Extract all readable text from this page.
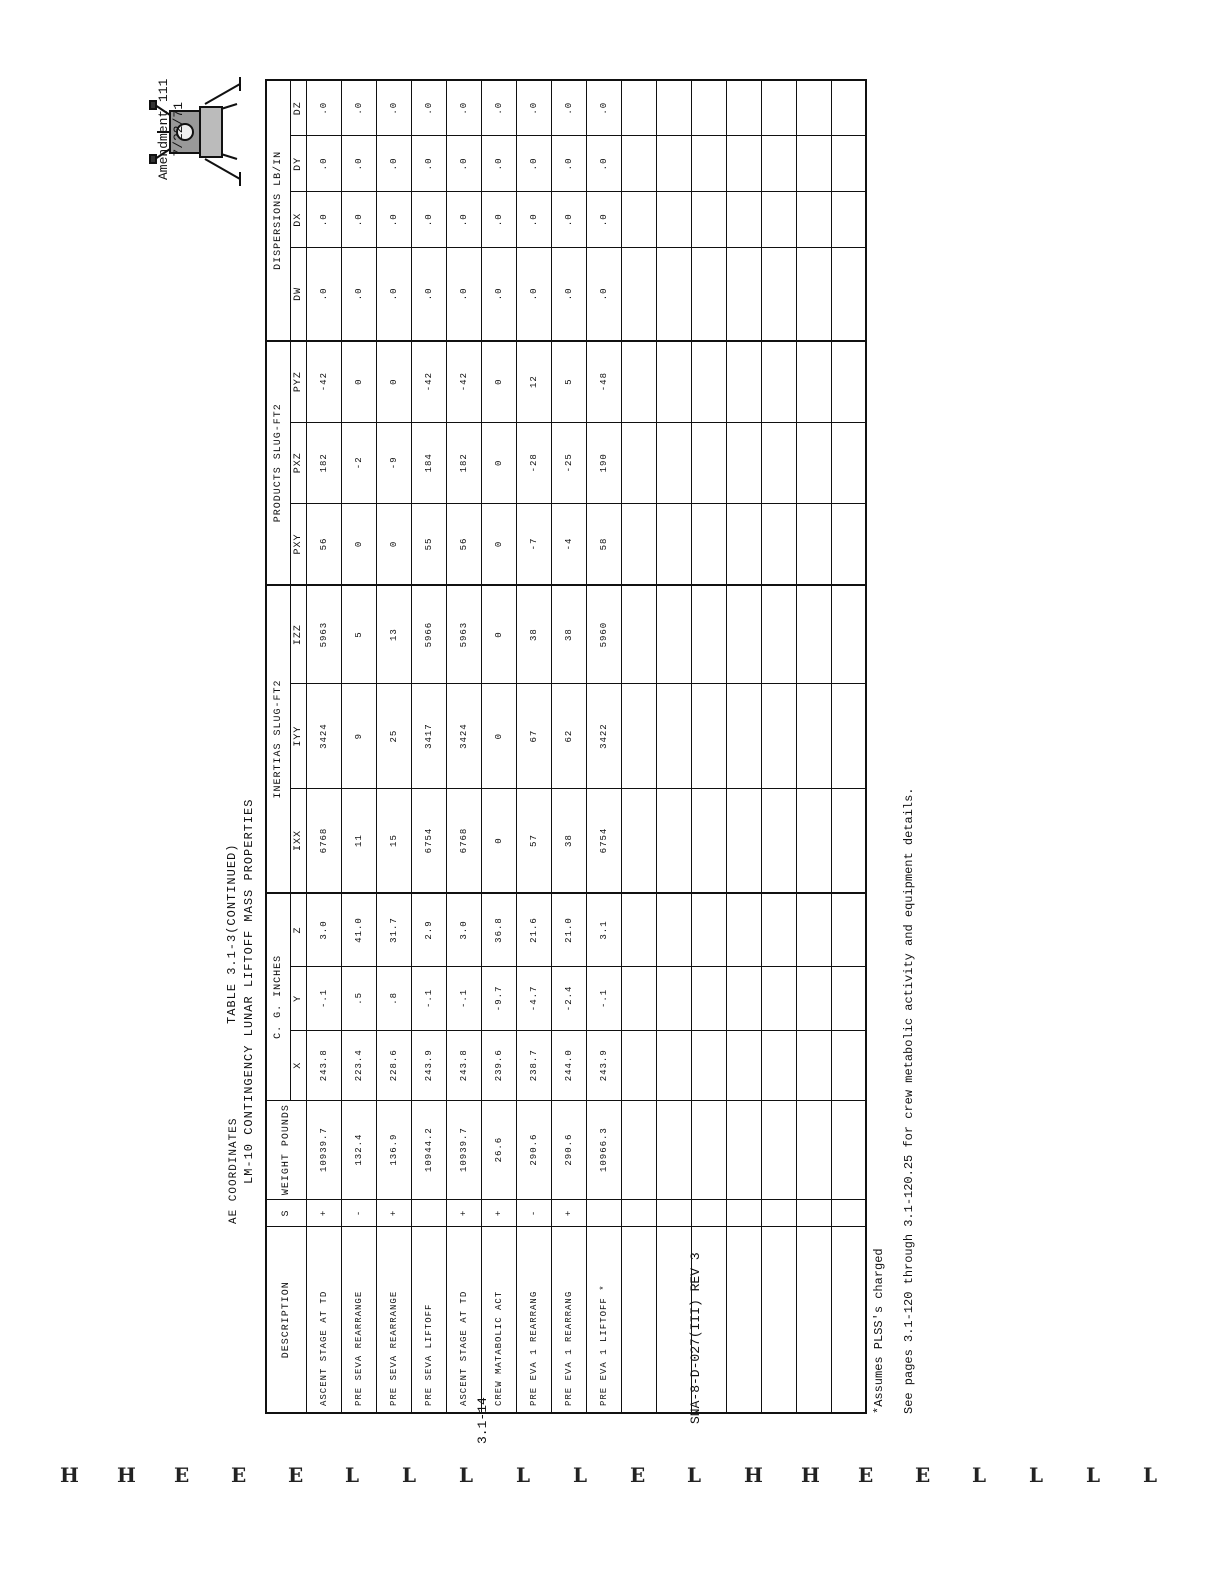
Amendment 111 7/22/71
TABLE 3.1-3(CONTINUED) LM-10 CONTINGENCY LUNAR LIFTOFF MASS PROPERTIES
AE COORDINATES
DESCRIPTION	S	WEIGHT POUNDS	C. G. INCHES			INERTIAS SLUG-FT2			PRODUCTS SLUG-FT2			DISPERSIONS LB/IN			
			X	Y	Z	IXX	IYY	IZZ	PXY	PXZ	PYZ	DW	DX	DY	DZ
ASCENT STAGE AT TD	+	10939.7	243.8	-.1	3.0	6768	3424	5963	56	182	-42	.0	.0	.0	.0
PRE SEVA REARRANGE	-	132.4	223.4	.5	41.0	11	9	5	0	-2	0	.0	.0	.0	.0
PRE SEVA REARRANGE	+	136.9	228.6	.8	31.7	15	25	13	0	-9	0	.0	.0	.0	.0
PRE SEVA LIFTOFF		10944.2	243.9	-.1	2.9	6754	3417	5966	55	184	-42	.0	.0	.0	.0
ASCENT STAGE AT TD	+	10939.7	243.8	-.1	3.0	6768	3424	5963	56	182	-42	.0	.0	.0	.0
CREW MATABOLIC ACT	+	26.6	239.6	-9.7	36.8	0	0	0	0	0	0	.0	.0	.0	.0
PRE EVA 1 REARRANG	-	290.6	238.7	-4.7	21.6	57	67	38	-7	-28	12	.0	.0	.0	.0
PRE EVA 1 REARRANG	+	290.6	244.0	-2.4	21.0	38	62	38	-4	-25	5	.0	.0	.0	.0
PRE EVA 1 LIFTOFF *		10966.3	243.9	-.1	3.1	6754	3422	5960	58	190	-48	.0	.0	.0	.0

*Assumes PLSS's charged See pages 3.1-120 through 3.1-120.25 for crew metabolic activity and equipment details.
SNA-8-D-027(III) REV 3
3.1-14
H H E E E L L L L L E L H H E E L L L L
